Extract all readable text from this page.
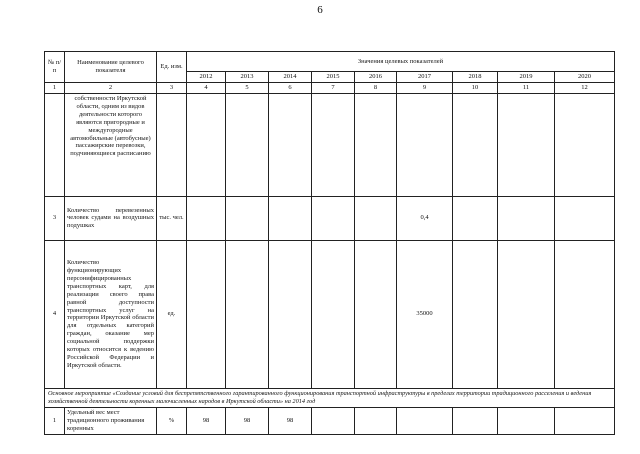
6
№ п/п	Наименование целевого показателя	Ед. изм.	Значения целевых показателей								
			2012	2013	2014	2015	2016	2017	2018	2019	2020
1	2	3	4	5	6	7	8	9	10	11	12
	собственности Иркутской области, одним из видов деятельности которого являются пригородные и междугородные автомобильные (автобусные) пассажирские перевозки, подчиняющиеся расписанию										
3	Количество перевезенных человек судами на воздушных подушках	тыс. чел.						0,4			
4	Количество функционирующих персонифицированных транспортных карт, для реализации своего права равной доступности транспортных услуг на территории Иркутской области для отдельных категорий граждан, оказание мер социальной поддержки которых относится к ведению Российской Федерации и Иркутской области.	ед.						35000			
Основное мероприятие «Создание условий для беспрепятственного гарантированного функционирования транспортной инфраструктуры в пределах территории традиционного расселения и ведения хозяйственной деятельности коренных малочисленных народов в Иркутской области» на 2014 год											
1	Удельный вес мест традиционного проживания коренных	%	98	98	98						
